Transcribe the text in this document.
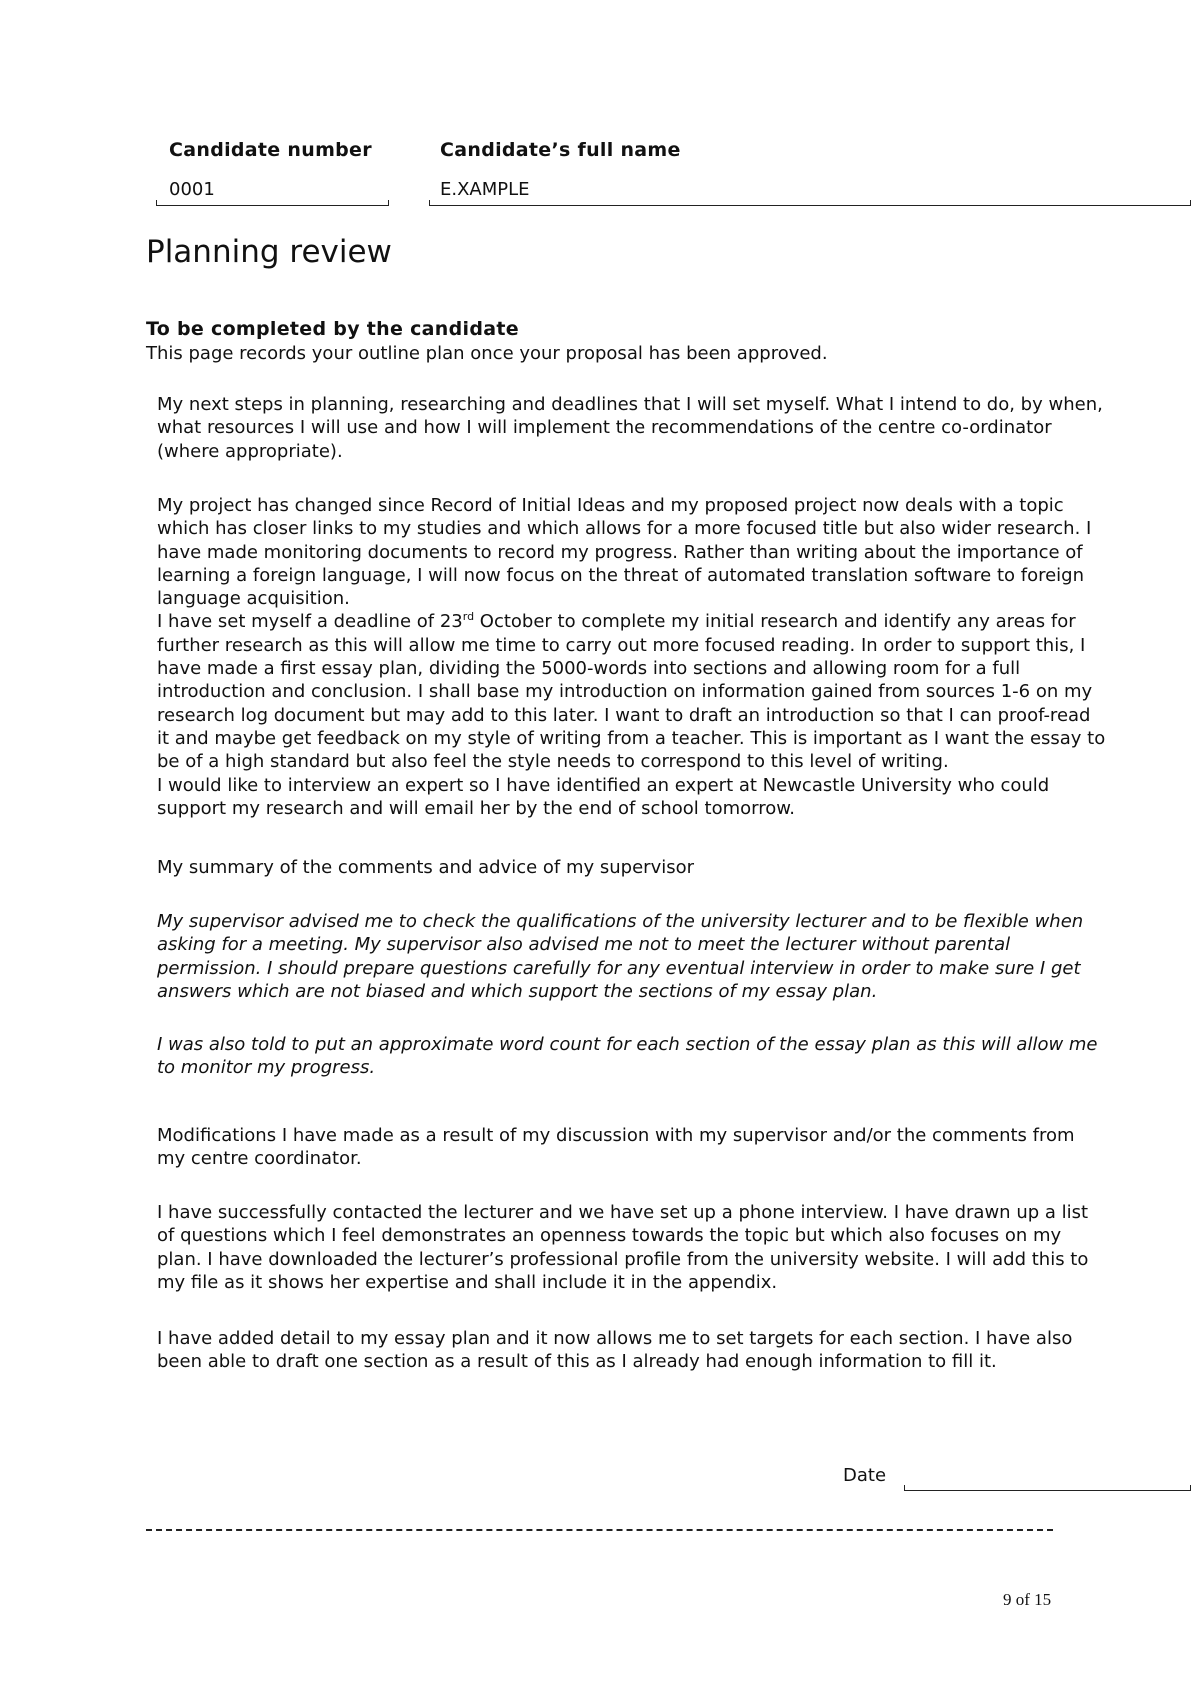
Candidate number
0001
Candidate’s full name
E.XAMPLE
Planning review
To be completed by the candidate
This page records your outline plan once your proposal has been approved.
My next steps in planning, researching and deadlines that I will set myself. What I intend to do, by when, what resources I will use and how I will implement the recommendations of the centre co-ordinator (where appropriate).
My project has changed since Record of Initial Ideas and my proposed project now deals with a topic which has closer links to my studies and which allows for a more focused title but also wider research. I have made monitoring documents to record my progress. Rather than writing about the importance of learning a foreign language, I will now focus on the threat of automated translation software to foreign language acquisition.
I have set myself a deadline of 23rd October to complete my initial research and identify any areas for further research as this will allow me time to carry out more focused reading. In order to support this, I have made a first essay plan, dividing the 5000-words into sections and allowing room for a full introduction and conclusion. I shall base my introduction on information gained from sources 1-6 on my research log document but may add to this later. I want to draft an introduction so that I can proof-read it and maybe get feedback on my style of writing from a teacher. This is important as I want the essay to be of a high standard but also feel the style needs to correspond to this level of writing.
I would like to interview an expert so I have identified an expert at Newcastle University who could support my research and will email her by the end of school tomorrow.
My summary of the comments and advice of my supervisor
My supervisor advised me to check the qualifications of the university lecturer and to be flexible when asking for a meeting. My supervisor also advised me not to meet the lecturer without parental permission. I should prepare questions carefully for any eventual interview in order to make sure I get answers which are not biased and which support the sections of my essay plan.
I was also told to put an approximate word count for each section of the essay plan as this will allow me to monitor my progress.
Modifications I have made as a result of my discussion with my supervisor and/or the comments from my centre coordinator.
I have successfully contacted the lecturer and we have set up a phone interview. I have drawn up a list of questions which I feel demonstrates an openness towards the topic but which also focuses on my plan. I have downloaded the lecturer’s professional profile from the university website. I will add this to my file as it shows her expertise and shall include it in the appendix.
I have added detail to my essay plan and it now allows me to set targets for each section. I have also been able to draft one section as a result of this as I already had enough information to fill it.
Date
9 of 15
